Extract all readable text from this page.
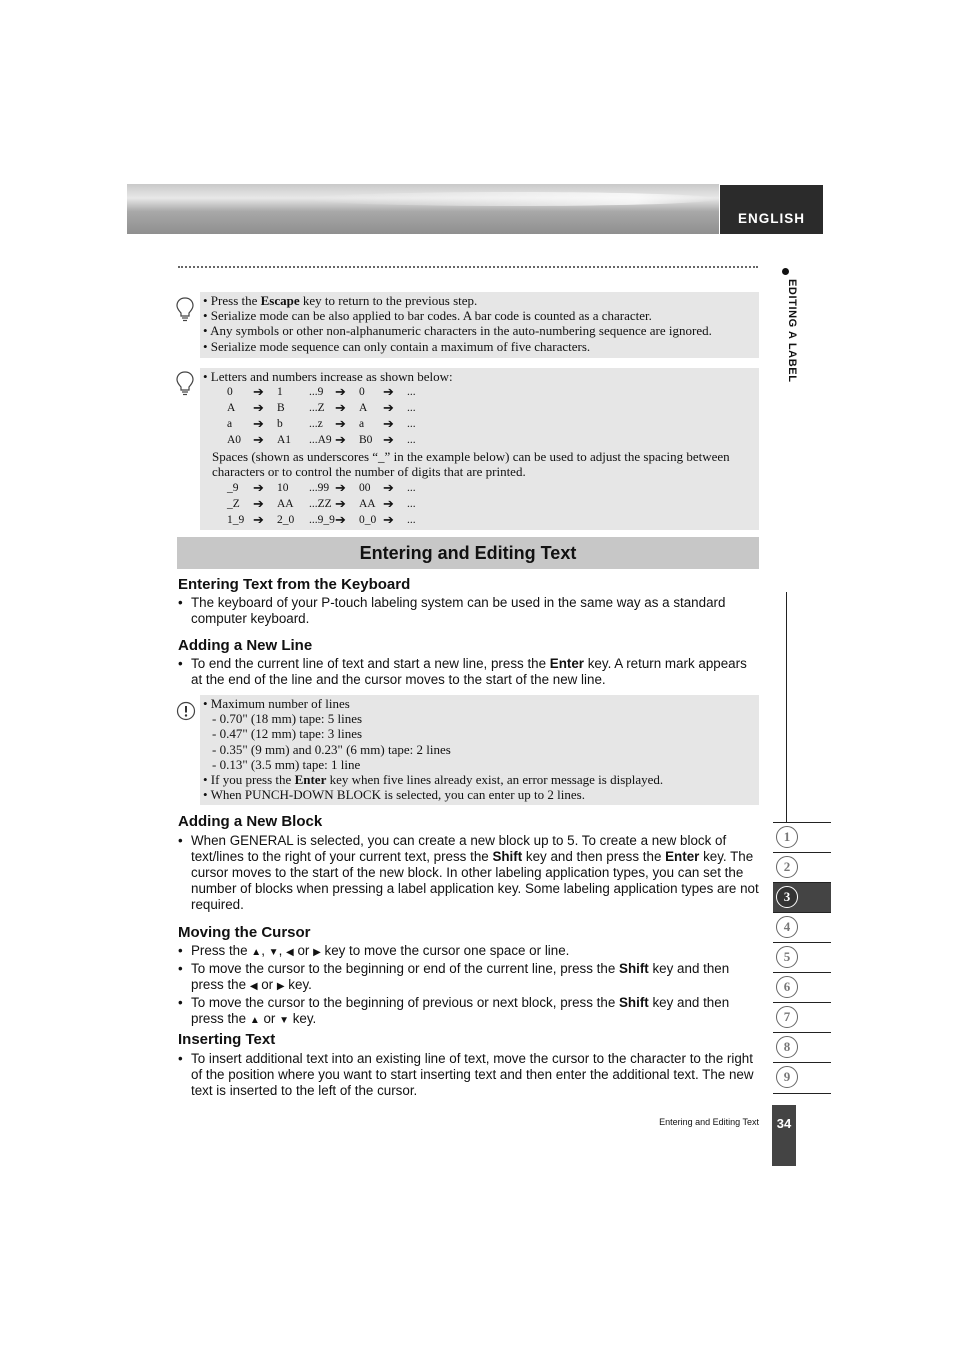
ENGLISH
EDITING A LABEL
1
2
3
4
5
6
7
8
9

• Press the Escape key to return to the previous step.

• Serialize mode can be also applied to bar codes. A bar code is counted as a character.

• Any symbols or other non-alphanumeric characters in the auto-numbering sequence are ignored.

• Serialize mode sequence can only contain a maximum of five characters.

• Letters and numbers increase as shown below:

0	➔	1	...9	➔	0	➔	...
A	➔	B	...Z	➔	A	➔	...
a	➔	b	...z	➔	a	➔	...
A0	➔	A1	...A9	➔	B0	➔	...

Spaces (shown as underscores “_” in the example below) can be used to adjust the spacing between characters or to control the number of digits that are printed.

_9	➔	10	...99	➔	00	➔	...
_Z	➔	AA	...ZZ	➔	AA	➔	...
1_9	➔	2_0	...9_9	➔	0_0	➔	...
Entering and Editing Text
Entering Text from the Keyboard
• The keyboard of your P-touch labeling system can be used in the same way as a standard computer keyboard.
Adding a New Line
• To end the current line of text and start a new line, press the Enter key. A return mark appears at the end of the line and the cursor moves to the start of the new line.

• Maximum number of lines

- 0.70" (18 mm) tape: 5 lines

- 0.47" (12 mm) tape: 3 lines

- 0.35" (9 mm) and 0.23" (6 mm) tape: 2 lines

- 0.13" (3.5 mm) tape: 1 line

• If you press the Enter key when five lines already exist, an error message is displayed.

• When PUNCH-DOWN BLOCK is selected, you can enter up to 2 lines.

Adding a New Block
• When GENERAL is selected, you can create a new block up to 5. To create a new block of text/lines to the right of your current text, press the Shift key and then press the Enter key. The cursor moves to the start of the new block. In other labeling application types, you can set the number of blocks when pressing a label application key. Some labeling application types are not required.
Moving the Cursor
• Press the ▲, ▼, ◀ or ▶ key to move the cursor one space or line.
• To move the cursor to the beginning or end of the current line, press the Shift key and then press the ◀ or ▶ key.
• To move the cursor to the beginning of previous or next block, press the Shift key and then press the ▲ or ▼ key.
Inserting Text
• To insert additional text into an existing line of text, move the cursor to the character to the right of the position where you want to start inserting text and then enter the additional text. The new text is inserted to the left of the cursor.
Entering and Editing Text	34
